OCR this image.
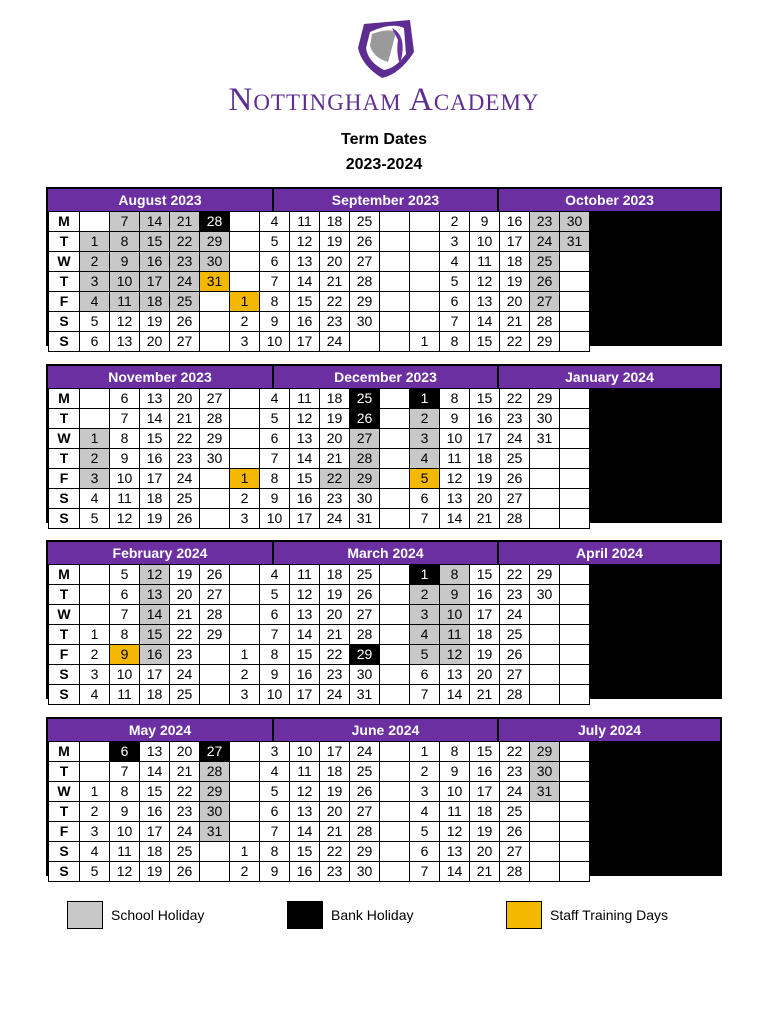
Nottingham Academy
Term Dates
2023-2024
August 2023	September 2023	October 2023
M		7	14	21	28		4	11	18	25			2	9	16	23	30
T	1	8	15	22	29		5	12	19	26			3	10	17	24	31
W	2	9	16	23	30		6	13	20	27			4	11	18	25	
T	3	10	17	24	31		7	14	21	28			5	12	19	26	
F	4	11	18	25		1	8	15	22	29			6	13	20	27	
S	5	12	19	26		2	9	16	23	30			7	14	21	28	
S	6	13	20	27		3	10	17	24			1	8	15	22	29	
November 2023	December 2023	January 2024
M		6	13	20	27		4	11	18	25		1	8	15	22	29	
T		7	14	21	28		5	12	19	26		2	9	16	23	30	
W	1	8	15	22	29		6	13	20	27		3	10	17	24	31	
T	2	9	16	23	30		7	14	21	28		4	11	18	25		
F	3	10	17	24		1	8	15	22	29		5	12	19	26		
S	4	11	18	25		2	9	16	23	30		6	13	20	27		
S	5	12	19	26		3	10	17	24	31		7	14	21	28		
February 2024	March 2024	April 2024
M		5	12	19	26		4	11	18	25		1	8	15	22	29	
T		6	13	20	27		5	12	19	26		2	9	16	23	30	
W		7	14	21	28		6	13	20	27		3	10	17	24		
T	1	8	15	22	29		7	14	21	28		4	11	18	25		
F	2	9	16	23		1	8	15	22	29		5	12	19	26		
S	3	10	17	24		2	9	16	23	30		6	13	20	27		
S	4	11	18	25		3	10	17	24	31		7	14	21	28		
May 2024	June 2024	July 2024
M		6	13	20	27		3	10	17	24		1	8	15	22	29	
T		7	14	21	28		4	11	18	25		2	9	16	23	30	
W	1	8	15	22	29		5	12	19	26		3	10	17	24	31	
T	2	9	16	23	30		6	13	20	27		4	11	18	25		
F	3	10	17	24	31		7	14	21	28		5	12	19	26		
S	4	11	18	25		1	8	15	22	29		6	13	20	27		
S	5	12	19	26		2	9	16	23	30		7	14	21	28		
School Holiday	Bank Holiday	Staff Training Days
